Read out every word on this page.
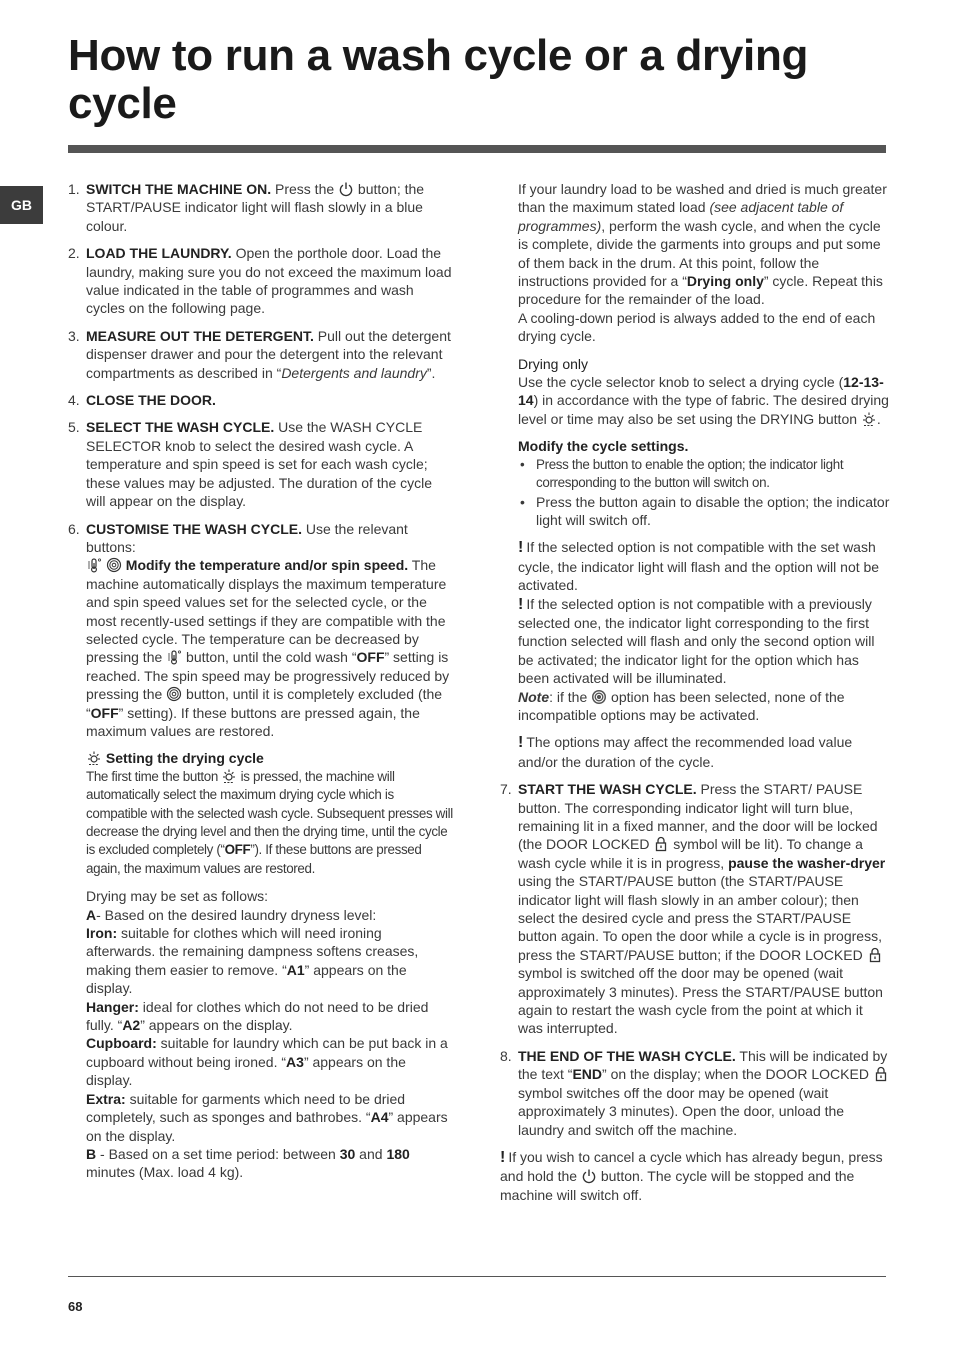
How to run a wash cycle or a drying cycle
GB
1. SWITCH THE MACHINE ON. Press the
button; the START/PAUSE indicator light will flash slowly in a blue colour.

2. LOAD THE LAUNDRY. Open the porthole door. Load the laundry, making sure you do not exceed the maximum load value indicated in the table of programmes and wash cycles on the following page.

3. MEASURE OUT THE DETERGENT. Pull out the detergent dispenser drawer and pour the detergent into the relevant compartments as described in “Detergents and laundry”.

4. CLOSE THE DOOR.

5. SELECT THE WASH CYCLE. Use the WASH CYCLE SELECTOR knob to select the desired wash cycle. A temperature and spin speed is set for each wash cycle; these values may be adjusted. The duration of the cycle will appear on the display.

6. CUSTOMISE THE WASH CYCLE. Use the relevant buttons:

Modify the temperature and/or spin speed. The machine automatically displays the maximum temperature and spin speed values set for the selected cycle, or the most recently-used settings if they are compatible with the selected cycle. The temperature can be decreased by pressing the
button, until the cold wash “OFF” setting is reached. The spin speed may be progressively reduced by pressing the
button, until it is completely excluded (the “OFF” setting). If these buttons are pressed again, the maximum values are restored.

Setting the drying cycle

The first time the button
is pressed, the machine will automatically select the maximum drying cycle which is compatible with the selected wash cycle. Subsequent presses will decrease the drying level and then the drying time, until the cycle is excluded completely (“OFF”). If these buttons are pressed again, the maximum values are restored.

Drying may be set as follows:

A- Based on the desired laundry dryness level:

Iron: suitable for clothes which will need ironing afterwards. the remaining dampness softens creases, making them easier to remove. “A1” appears on the display.

Hanger: ideal for clothes which do not need to be dried fully. “A2” appears on the display.

Cupboard: suitable for laundry which can be put back in a cupboard without being ironed. “A3” appears on the display.

Extra: suitable for garments which need to be dried completely, such as sponges and bathrobes. “A4” appears on the display.

B - Based on a set time period: between 30 and 180 minutes (Max. load 4 kg).

If your laundry load to be washed and dried is much greater than the maximum stated load (see adjacent table of programmes), perform the wash cycle, and when the cycle is complete, divide the garments into groups and put some of them back in the drum. At this point, follow the instructions provided for a “Drying only” cycle. Repeat this procedure for the remainder of the load.

A cooling-down period is always added to the end of each drying cycle.

Drying only

Use the cycle selector knob to select a drying cycle (12-13-14) in accordance with the type of fabric. The desired drying level or time may also be set using the DRYING button
.

Modify the cycle settings.

• Press the button to enable the option; the indicator light corresponding to the button will switch on.
• Press the button again to disable the option; the indicator light will switch off.

! If the selected option is not compatible with the set wash cycle, the indicator light will flash and the option will not be activated.

! If the selected option is not compatible with a previously selected one, the indicator light corresponding to the first function selected will flash and only the second option will be activated; the indicator light for the option which has been activated will be illuminated.

Note: if the
option has been selected, none of the incompatible options may be activated.

! The options may affect the recommended load value and/or the duration of the cycle.

7. START THE WASH CYCLE. Press the START/ PAUSE button. The corresponding indicator light will turn blue, remaining lit in a fixed manner, and the door will be locked (the DOOR LOCKED
symbol will be lit). To change a wash cycle while it is in progress, pause the washer-dryer using the START/PAUSE button (the START/PAUSE indicator light will flash slowly in an amber colour); then select the desired cycle and press the START/PAUSE button again. To open the door while a cycle is in progress, press the START/PAUSE button; if the DOOR LOCKED
symbol is switched off the door may be opened (wait approximately 3 minutes). Press the START/PAUSE button again to restart the wash cycle from the point at which it was interrupted.

8. THE END OF THE WASH CYCLE. This will be indicated by the text “END” on the display; when the DOOR LOCKED
symbol switches off the door may be opened (wait approximately 3 minutes). Open the door, unload the laundry and switch off the machine.

! If you wish to cancel a cycle which has already begun, press and hold the
button. The cycle will be stopped and the machine will switch off.

68
